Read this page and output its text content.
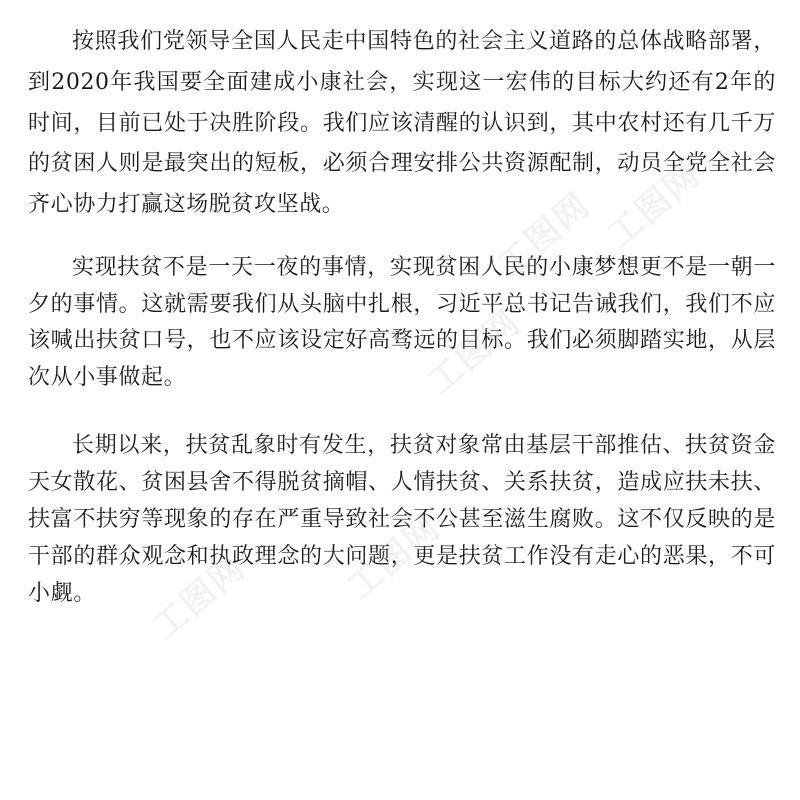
按照我们党领导全国人民走中国特色的社会主义道路的总体战略部署，到2020年我国要全面建成小康社会，实现这一宏伟的目标大约还有2年的时间，目前已处于决胜阶段。我们应该清醒的认识到，其中农村还有几千万的贫困人则是最突出的短板，必须合理安排公共资源配制，动员全党全社会齐心协力打赢这场脱贫攻坚战。

实现扶贫不是一天一夜的事情，实现贫困人民的小康梦想更不是一朝一夕的事情。这就需要我们从头脑中扎根，习近平总书记告诫我们，我们不应该喊出扶贫口号，也不应该设定好高骛远的目标。我们必须脚踏实地，从层次从小事做起。

长期以来，扶贫乱象时有发生，扶贫对象常由基层干部推估、扶贫资金天女散花、贫困县舍不得脱贫摘帽、人情扶贫、关系扶贫，造成应扶未扶、扶富不扶穷等现象的存在严重导致社会不公甚至滋生腐败。这不仅反映的是干部的群众观念和执政理念的大问题，更是扶贫工作没有走心的恶果，不可小觑。

工图网
工图网
工图网
工图网	工图网
